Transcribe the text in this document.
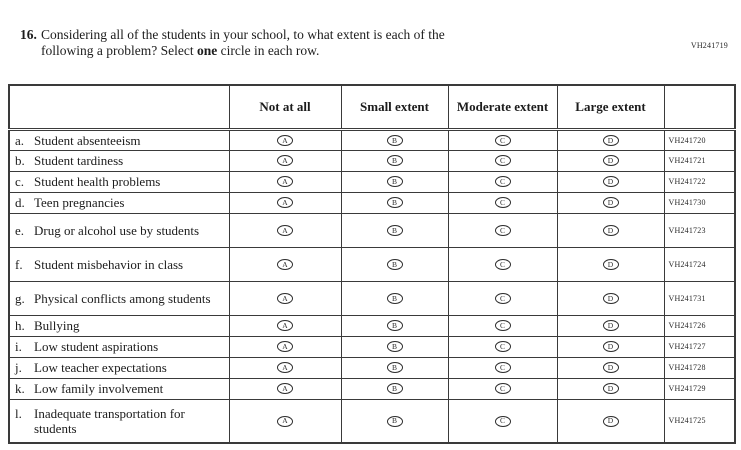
VH241719
16. Considering all of the students in your school, to what extent is each of the
following a problem? Select one circle in each row.
	Not at all	Small extent	Moderate extent	Large extent	

a. Student absenteeism	A	B	C	D	VH241720

b. Student tardiness	A	B	C	D	VH241721

c. Student health problems	A	B	C	D	VH241722

d. Teen pregnancies	A	B	C	D	VH241730

e. Drug or alcohol use by students	A	B	C	D	VH241723

f. Student misbehavior in class	A	B	C	D	VH241724

g. Physical conflicts among students	A	B	C	D	VH241731

h. Bullying	A	B	C	D	VH241726

i. Low student aspirations	A	B	C	D	VH241727

j. Low teacher expectations	A	B	C	D	VH241728

k. Low family involvement	A	B	C	D	VH241729

l. Inadequate transportation for students	A	B	C	D	VH241725
